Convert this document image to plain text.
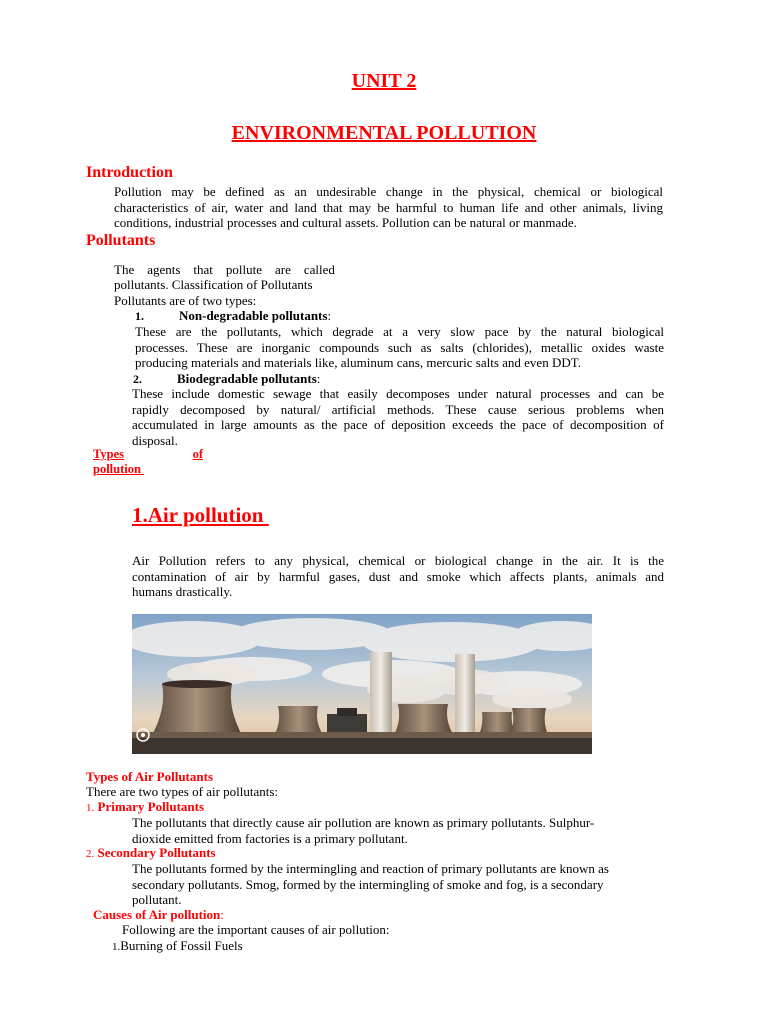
UNIT 2
ENVIRONMENTAL POLLUTION
Introduction
Pollution may be defined as an undesirable change in the physical, chemical or biological
characteristics of air, water and land that may be harmful to human life and other animals, living
conditions, industrial processes and cultural assets. Pollution can be natural or manmade.
Pollutants
The    agents    that    pollute    are    called
pollutants. Classification of Pollutants
Pollutants are of two types:
1.	Non-degradable pollutants:
These are the pollutants, which degrade at a very slow pace by the natural biological
processes. These are inorganic compounds such as salts (chlorides), metallic oxides waste
producing materials and materials like, aluminum cans, mercuric salts and even DDT.
2.	Biodegradable pollutants:
These include domestic sewage that easily decomposes under natural processes and can be
rapidly decomposed by natural/ artificial methods. These cause serious problems when
accumulated in large amounts as the pace of deposition exceeds the pace of decomposition of
disposal.
Types	of
pollution
1.Air pollution
Air Pollution refers to any physical, chemical or biological change in the air. It is the
contamination of air by harmful gases, dust and smoke which affects plants, animals and
humans drastically.
Types of Air Pollutants
There are two types of air pollutants:
1. Primary Pollutants
The pollutants that directly cause air pollution are known as primary pollutants. Sulphur-
dioxide emitted from factories is a primary pollutant.
2. Secondary Pollutants
The pollutants formed by the intermingling and reaction of primary pollutants are known as
secondary pollutants. Smog, formed by the intermingling of smoke and fog, is a secondary
pollutant.
Causes of Air pollution:
Following are the important causes of air pollution:
1.Burning of Fossil Fuels
